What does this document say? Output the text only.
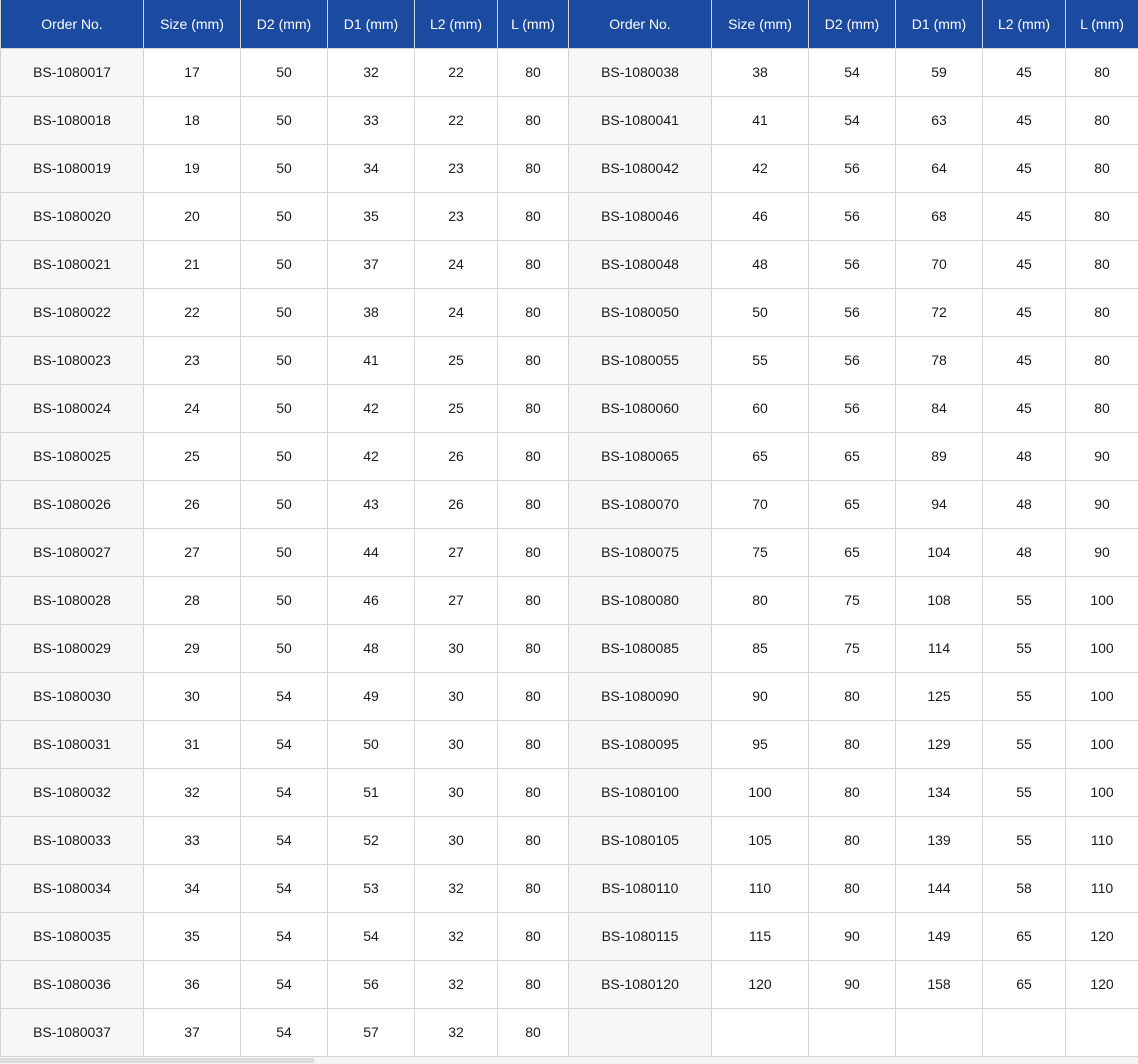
Order No.	Size (mm)	D2 (mm)	D1 (mm)	L2 (mm)	L (mm)	Order No.	Size (mm)	D2 (mm)	D1 (mm)	L2 (mm)	L (mm)
BS-1080017	17	50	32	22	80	BS-1080038	38	54	59	45	80
BS-1080018	18	50	33	22	80	BS-1080041	41	54	63	45	80
BS-1080019	19	50	34	23	80	BS-1080042	42	56	64	45	80
BS-1080020	20	50	35	23	80	BS-1080046	46	56	68	45	80
BS-1080021	21	50	37	24	80	BS-1080048	48	56	70	45	80
BS-1080022	22	50	38	24	80	BS-1080050	50	56	72	45	80
BS-1080023	23	50	41	25	80	BS-1080055	55	56	78	45	80
BS-1080024	24	50	42	25	80	BS-1080060	60	56	84	45	80
BS-1080025	25	50	42	26	80	BS-1080065	65	65	89	48	90
BS-1080026	26	50	43	26	80	BS-1080070	70	65	94	48	90
BS-1080027	27	50	44	27	80	BS-1080075	75	65	104	48	90
BS-1080028	28	50	46	27	80	BS-1080080	80	75	108	55	100
BS-1080029	29	50	48	30	80	BS-1080085	85	75	114	55	100
BS-1080030	30	54	49	30	80	BS-1080090	90	80	125	55	100
BS-1080031	31	54	50	30	80	BS-1080095	95	80	129	55	100
BS-1080032	32	54	51	30	80	BS-1080100	100	80	134	55	100
BS-1080033	33	54	52	30	80	BS-1080105	105	80	139	55	110
BS-1080034	34	54	53	32	80	BS-1080110	110	80	144	58	110
BS-1080035	35	54	54	32	80	BS-1080115	115	90	149	65	120
BS-1080036	36	54	56	32	80	BS-1080120	120	90	158	65	120
BS-1080037	37	54	57	32	80						
